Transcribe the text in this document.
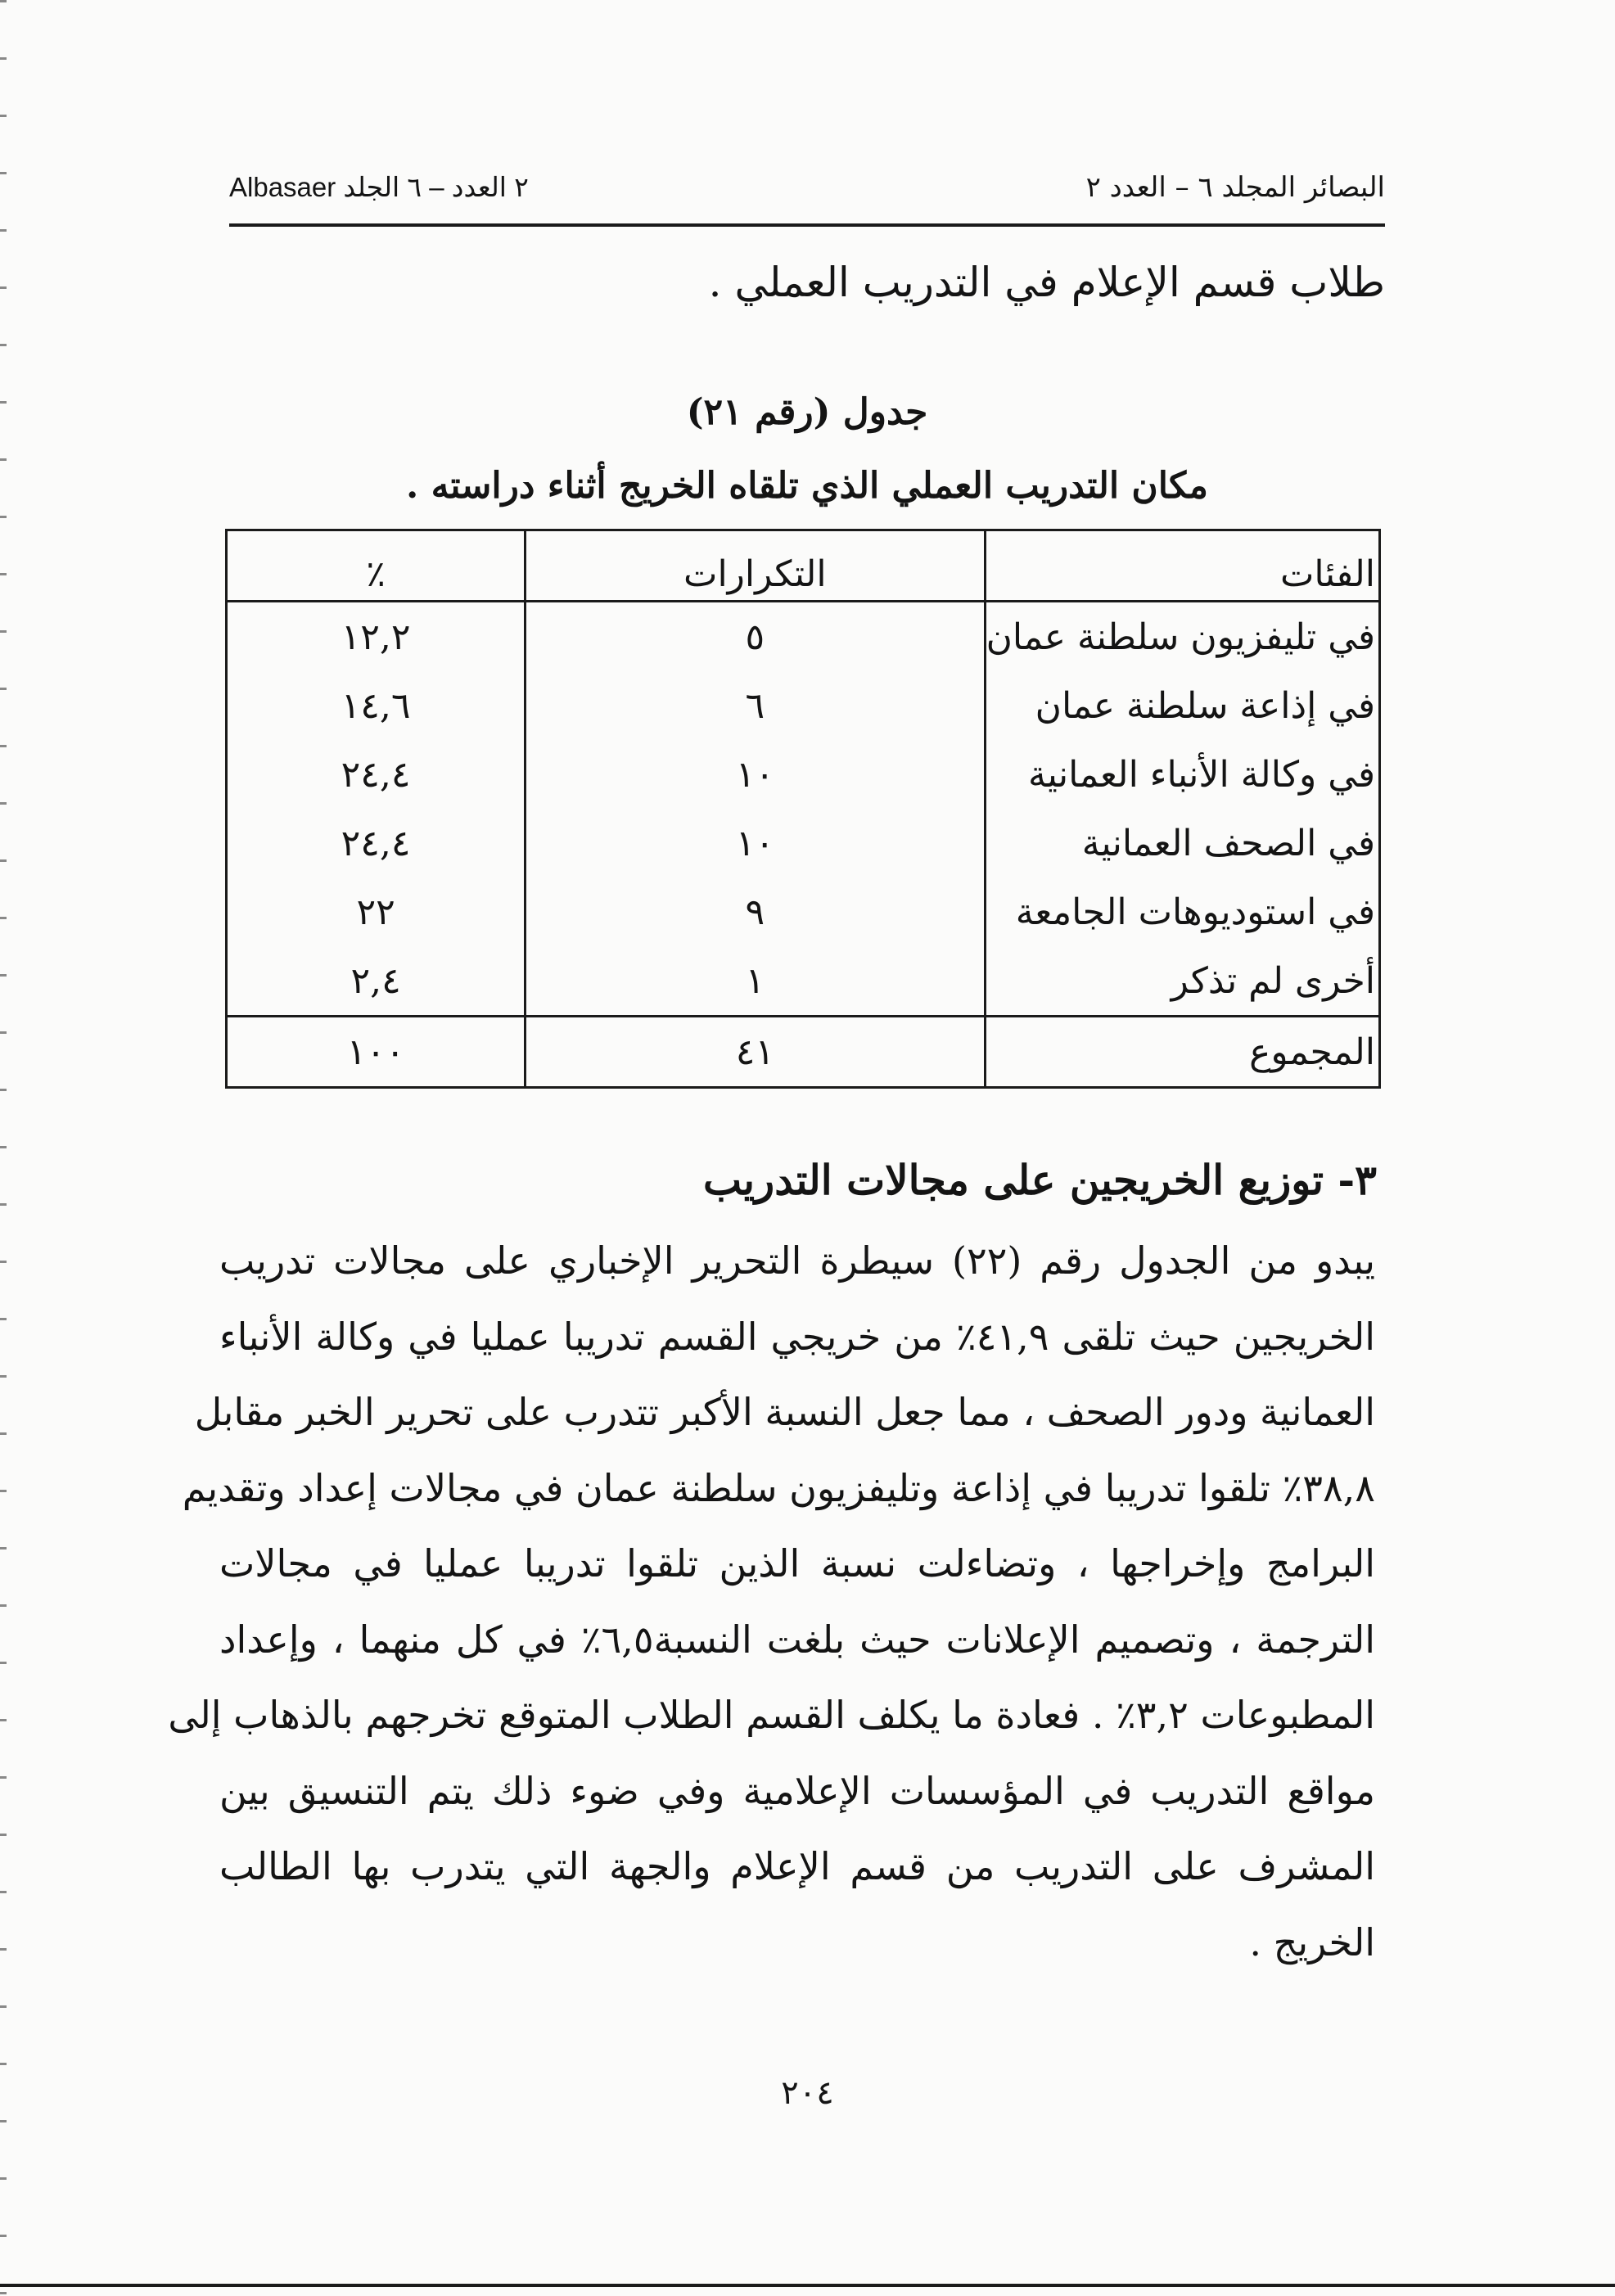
البصائر المجلد ٦ – العدد ٢
Albasaer ٢ العدد – ٦ الجلد
طلاب قسم الإعلام في التدريب العملي .
جدول (رقم ٢١)
مكان التدريب العملي الذي تلقاه الخريج أثناء دراسته .
الفئات	التكرارات	٪
في تليفزيون سلطنة عمان	٥	١٢,٢
في إذاعة سلطنة عمان	٦	١٤,٦
في وكالة الأنباء العمانية	١٠	٢٤,٤
في الصحف العمانية	١٠	٢٤,٤
في استوديوهات الجامعة	٩	٢٢
أخرى لم تذكر	١	٢,٤
المجموع	٤١	١٠٠
٣- توزيع الخريجين على مجالات التدريب
يبدو من الجدول رقم (٢٢) سيطرة التحرير الإخباري على مجالات تدريب
الخريجين حيث تلقى ٤١,٩٪ من خريجي القسم تدريبا عمليا في وكالة الأنباء
العمانية ودور الصحف ، مما جعل النسبة الأكبر تتدرب على تحرير الخبر مقابل
٣٨,٨٪ تلقوا تدريبا في إذاعة وتليفزيون سلطنة عمان في مجالات إعداد وتقديم
البرامج وإخراجها ، وتضاءلت نسبة الذين تلقوا تدريبا عمليا في مجالات
الترجمة ، وتصميم الإعلانات حيث بلغت النسبة٦,٥٪ في كل منهما ، وإعداد
المطبوعات ٣,٢٪ . فعادة ما يكلف القسم الطلاب المتوقع تخرجهم بالذهاب إلى
مواقع التدريب في المؤسسات الإعلامية وفي ضوء ذلك يتم التنسيق بين
المشرف على التدريب من قسم الإعلام والجهة التي يتدرب بها الطالب
الخريج .
٢٠٤
